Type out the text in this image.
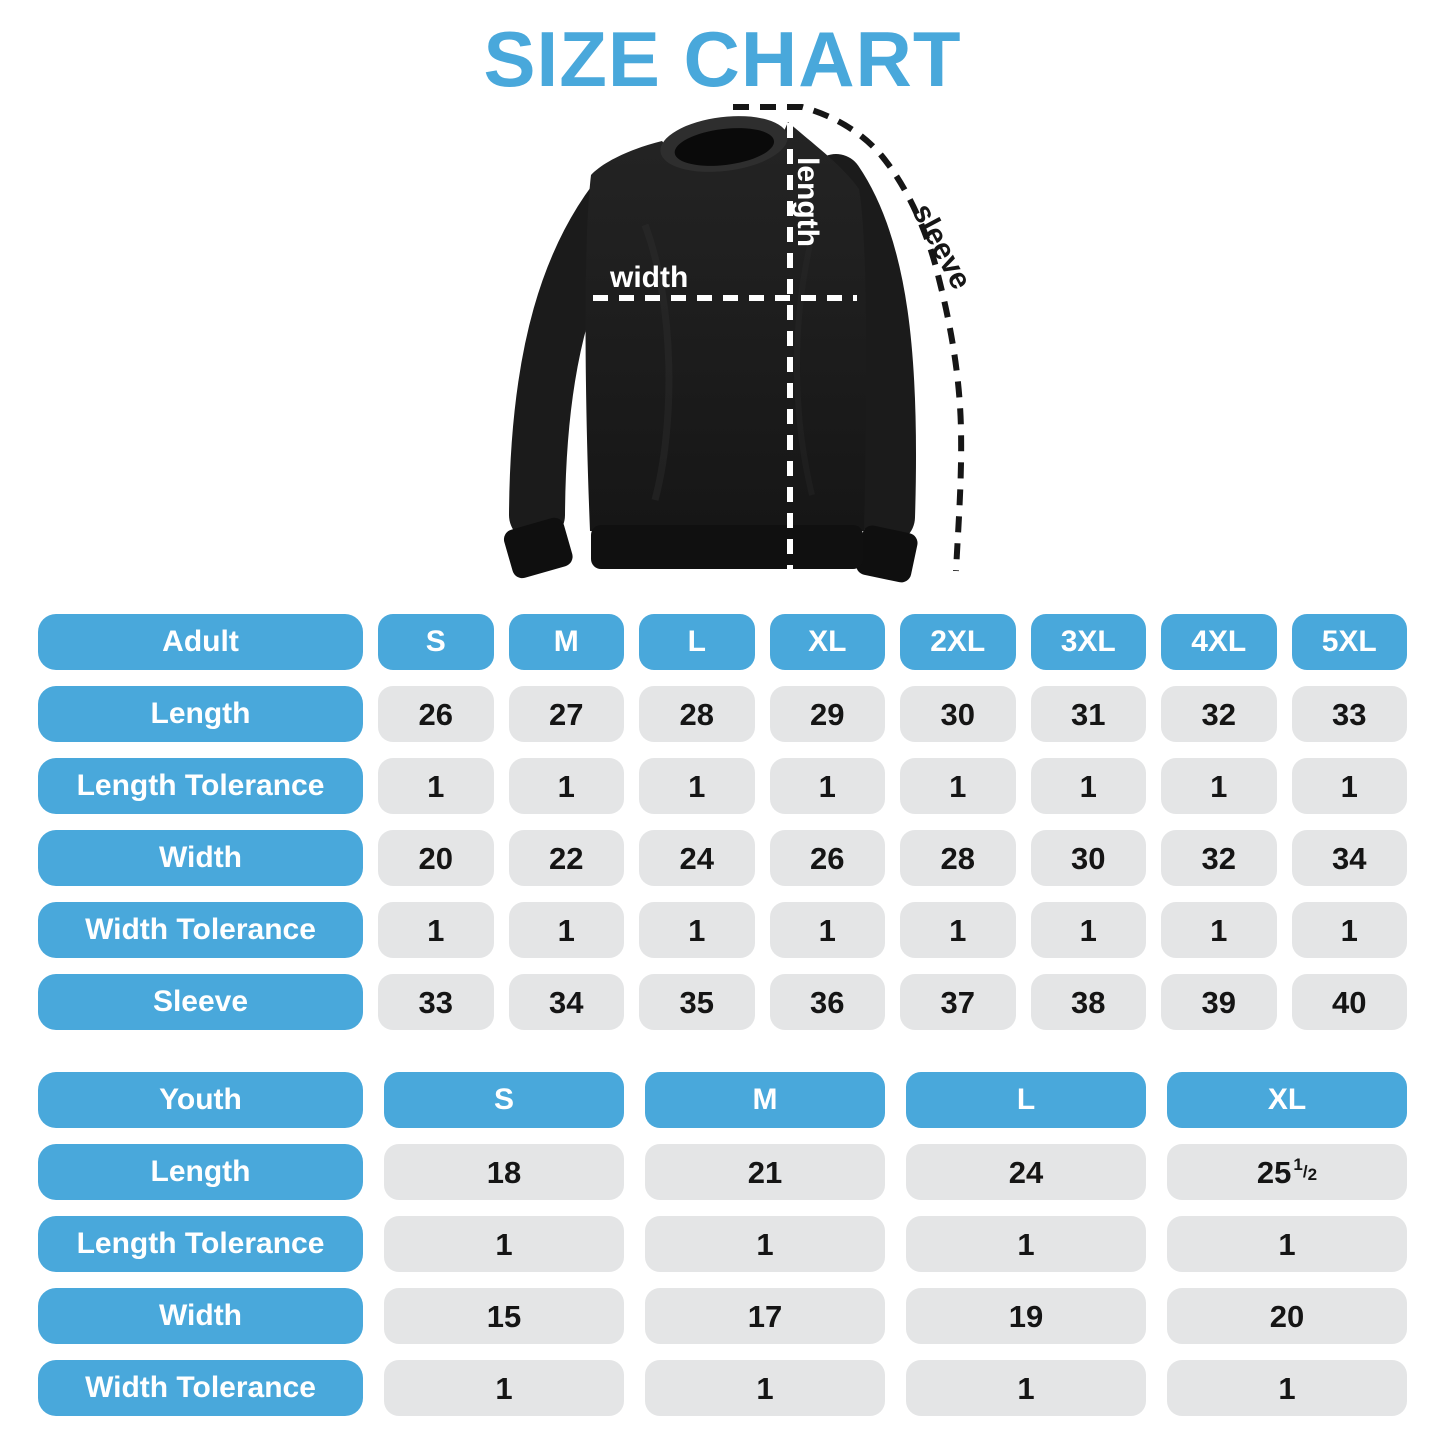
SIZE CHART
width
length	sleeve
Adult	S	M	L	XL	2XL	3XL	4XL	5XL
Length	26	27	28	29	30	31	32	33
Length Tolerance	1	1	1	1	1	1	1	1
Width	20	22	24	26	28	30	32	34
Width Tolerance	1	1	1	1	1	1	1	1
Sleeve	33	34	35	36	37	38	39	40
Youth	S	M	L	XL
Length	18	21	24	25 1/2
Length Tolerance	1	1	1	1
Width	15	17	19	20
Width Tolerance	1	1	1	1
